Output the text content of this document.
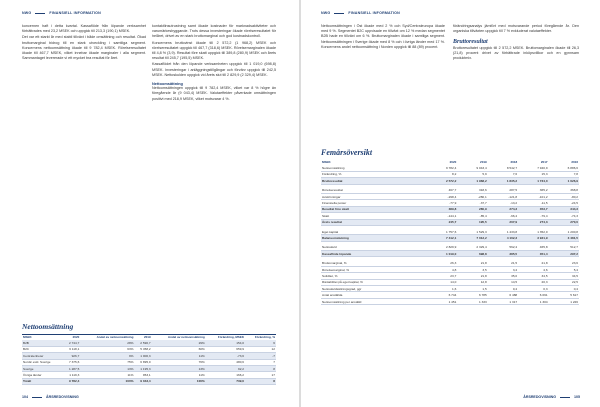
NWG	FINANSIELL INFORMATION

koncernen haft i detta kvartal. Kassaflöde från löpande verksamhet förbättrades med 23,2 MSEK och uppgick till 213,3 (190,1) MSEK.

Det var ett starkt år med stabil tillväxt i både omsättning och resultat. Ökad bruttomarginal bidrog till en stark utveckling i samtliga segment. Koncernens nettoomsättning ökade till 9 782,4 MSEK. Rörelseresultatet ökade till 467,7 MSEK, vilket innebar ökade marginaler i alla segment. Sammantaget levererade vi ett mycket bra resultat för året.

kontaktlinsutrustning samt ökade kostnader för marknadsaktiviteter och varumärkesbyggande. Trots dessa investeringar ökade rörelseresultatet för helåret, drivet av en stark bruttomarginal och god kostnadskontroll.

Koncernens bruttovinst ökade till 2 572,2 (1 968,2) MSEK och rörelseresultatet uppgick till 467,7 (318,6) MSEK. Rörelsemarginalen ökade till 4,8 % (3,9). Resultat före skatt uppgick till 389,8 (280,9) MSEK och årets resultat till 245,7 (195,5) MSEK.

Kassaflödet från den löpande verksamheten uppgick till 1 019,0 (698,8) MSEK. Investeringar i anläggningstillgångar och förvärv uppgick till 242,5 MSEK. Nettoskulden uppgick vid årets slut till 2 829,9 (2 329,4) MSEK.

Nettoomsättning

Nettoomsättningen uppgick till 9 782,4 MSEK, vilket var 8 % högre än föregående år (9 043,4) MSEK. Valutaeffekter påverkade omsättningen positivt med 218,9 MSEK, vilket motsvarar 4 %.

Nettoomsättning
MSEK	2020	Andel av nettoomsättning	2019	Andel av nettoomsättning	Förändring, MSEK	Förändring, %
B2B	2 744,7	28%	2 590,7	29%	154,0	6
B2C	6 118,1	63%	5 458,2	60%	659,9	12
Centralenheter	926,7	9%	1 000,3	11%	-73,6	-7
Nordic exkl. Sverige	7 375,6	75%	6 895,0	76%	480,6	7
Sverige	1 287,5	13%	1 195,3	13%	92,2	8
Övriga länder	1 119,3	11%	953,1	11%	166,2	17
Totalt	9 782,4	100%	9 043,4	100%	739,0	8
104	ÅRSREDOVISNING
NWG	FINANSIELL INFORMATION

Nettoomsättningen i Öst ökade med 2 % och Syd/Centraleuropa ökade med 9 %. Segmentet B2C uppvisade en tillväxt om 12 % medan segmentet B2B hade en tillväxt om 6 %. Bruttomarginalen ökade i samtliga segment. Nettoomsättningen i Sverige ökade med 8 % och i övriga länder med 17 %. Koncernens andel nettoomsättning i Norden uppgick till 88 (89) procent.

förändringsanalys jämfört med motsvarande period föregående år. Den organiska tillväxten uppgick till 7 % exkluderat valutaeffekter.

Bruttoresultat

Bruttoresultatet uppgick till 2 572,2 MSEK. Bruttomarginalen ökade till 26,3 (21,8) procent drivet av förbättrade inköpsvillkor och en gynnsam produktmix.

Femårsöversikt
MSEK	2020	2019	2018	2017	2016
Nettoomsättning	9 782,4	9 043,4	8 542,7	7 940,9	6 886,6
Förändring, %	8,2	5,9	7,6	15,3	7,8
Bruttoresultat	2 572,2	1 968,2	1 835,2	1 734,0	1 626,9

Rörelseresultat	467,7	318,6	287,5	365,2	368,8
Avskrivningar	-298,4	-280,1	-121,8	-101,2	-80,2
Finansiella poster	-77,9	-37,7	-13,2	-11,5	-24,5
Resultat före skatt	389,8	280,9	274,3	353,7	344,3
Skatt	-144,1	-85,4	-66,4	-79,4	-74,3
Årets resultat	245,7	195,5	207,9	274,3	270,0

Eget kapital	1 757,6	1 529,3	1 433,8	1 352,0	1 200,8
Balansomslutning	7 412,1	7 012,2	4 102,3	3 921,9	3 481,5

Nettoskuld	2 829,9	2 329,4	562,4	465,8	512,7
Kassaflöde löpande	1 019,0	698,8	385,5	351,4	297,2

Bruttomarginal, %	26,3	21,8	21,5	21,8	23,6
Rörelsemarginal, %	4,8	3,5	3,4	4,6	5,4
Soliditet, %	23,7	21,8	35,0	34,5	34,5
Räntabilitet på eget kapital, %	14,0	12,8	14,5	20,3	22,5
Nettoskuldsättningsgrad, ggr	1,6	1,5	0,4	0,3	0,4
Antal anställda	6 744	6 785	6 488	6 091	5 617
Nettoomsättning per anställd	1 451	1 333	1 317	1 304	1 226
ÅRSREDOVISNING	105
